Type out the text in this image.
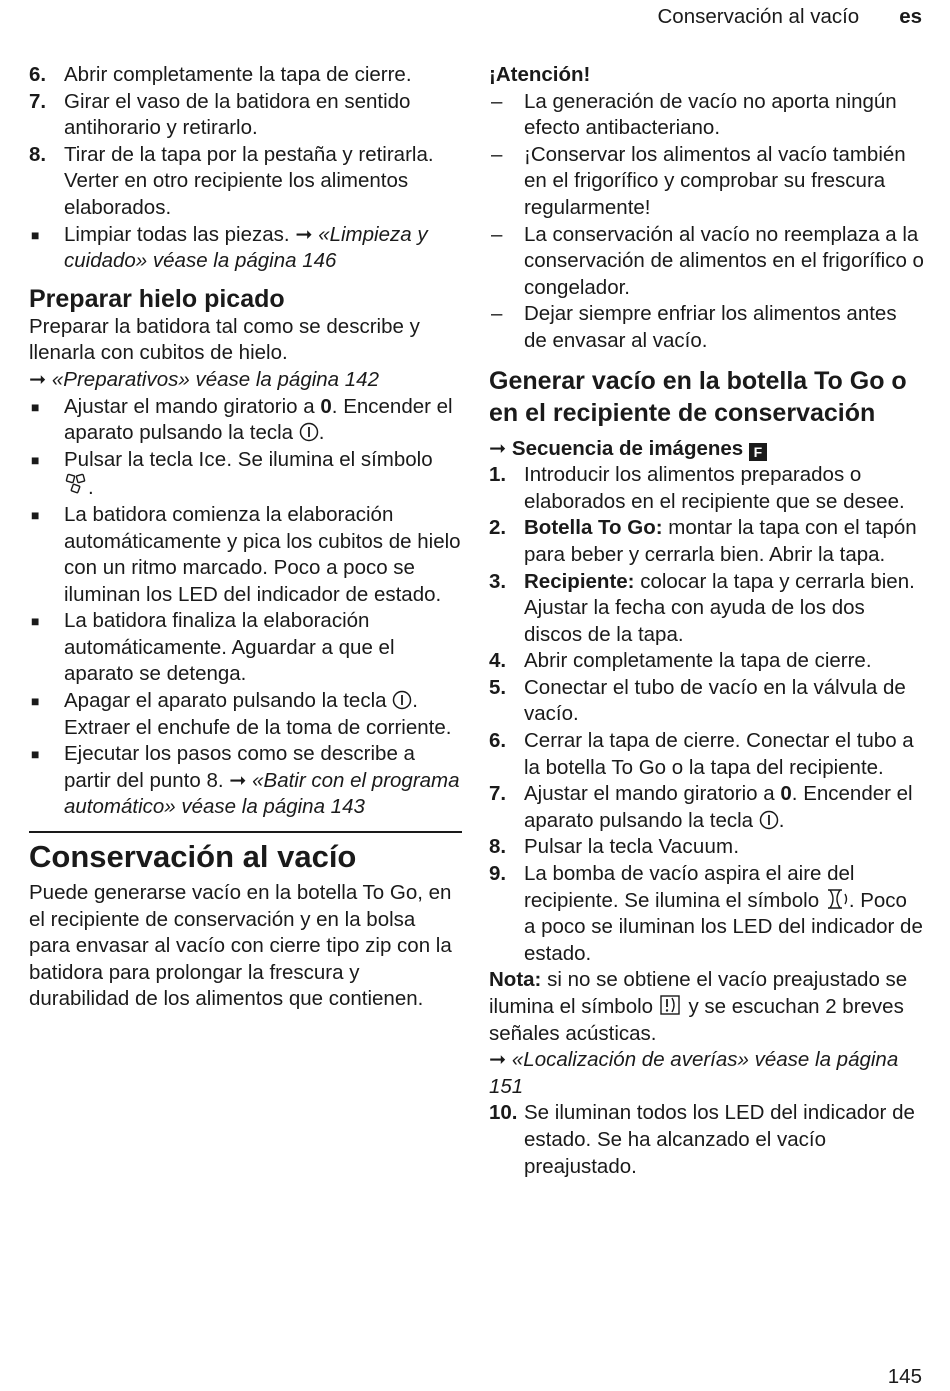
Conservación al vacío es
6. Abrir completamente la tapa de cierre.
7. Girar el vaso de la batidora en sentido antihorario y retirarlo.
8. Tirar de la tapa por la pestaña y retirarla. Verter en otro recipiente los alimentos elaborados.
■ Limpiar todas las piezas. ➞ «Limpieza y cuidado» véase la página 146
Preparar hielo picado

Preparar la batidora tal como se describe y llenarla con cubitos de hielo.

➞ «Preparativos» véase la página 142

■ Ajustar el mando giratorio a 0. Encender el aparato pulsando la tecla .
■ Pulsar la tecla Ice. Se ilumina el símbolo .
■ La batidora comienza la elaboración automáticamente y pica los cubitos de hielo con un ritmo marcado. Poco a poco se iluminan los LED del indicador de estado.
■ La batidora finaliza la elaboración automáticamente. Aguardar a que el aparato se detenga.
■ Apagar el aparato pulsando la tecla . Extraer el enchufe de la toma de corriente.
■ Ejecutar los pasos como se describe a partir del punto 8. ➞ «Batir con el programa automático» véase la página 143
Conservación al vacío

Puede generarse vacío en la botella To Go, en el recipiente de conservación y en la bolsa para envasar al vacío con cierre tipo zip con la batidora para prolongar la frescura y durabilidad de los alimentos que contienen.

¡Atención!
– La generación de vacío no aporta ningún efecto antibacteriano.
– ¡Conservar los alimentos al vacío también en el frigorífico y comprobar su frescura regularmente!
– La conservación al vacío no reemplaza a la conservación de alimentos en el frigorífico o congelador.
– Dejar siempre enfriar los alimentos antes de envasar al vacío.
Generar vacío en la botella To Go o en el recipiente de conservación

➞ Secuencia de imágenes F

1. Introducir los alimentos preparados o elaborados en el recipiente que se desee.
2. Botella To Go: montar la tapa con el tapón para beber y cerrarla bien. Abrir la tapa.
3. Recipiente: colocar la tapa y cerrarla bien. Ajustar la fecha con ayuda de los dos discos de la tapa.
4. Abrir completamente la tapa de cierre.
5. Conectar el tubo de vacío en la válvula de vacío.
6. Cerrar la tapa de cierre. Conectar el tubo a la botella To Go o la tapa del recipiente.
7. Ajustar el mando giratorio a 0. Encender el aparato pulsando la tecla .
8. Pulsar la tecla Vacuum.
9. La bomba de vacío aspira el aire del recipiente. Se ilumina el símbolo . Poco a poco se iluminan los LED del indicador de estado.

Nota: si no se obtiene el vacío preajustado se ilumina el símbolo  y se escuchan 2 breves señales acústicas.

➞ «Localización de averías» véase la página 151

10. Se iluminan todos los LED del indicador de estado. Se ha alcanzado el vacío preajustado.
145
